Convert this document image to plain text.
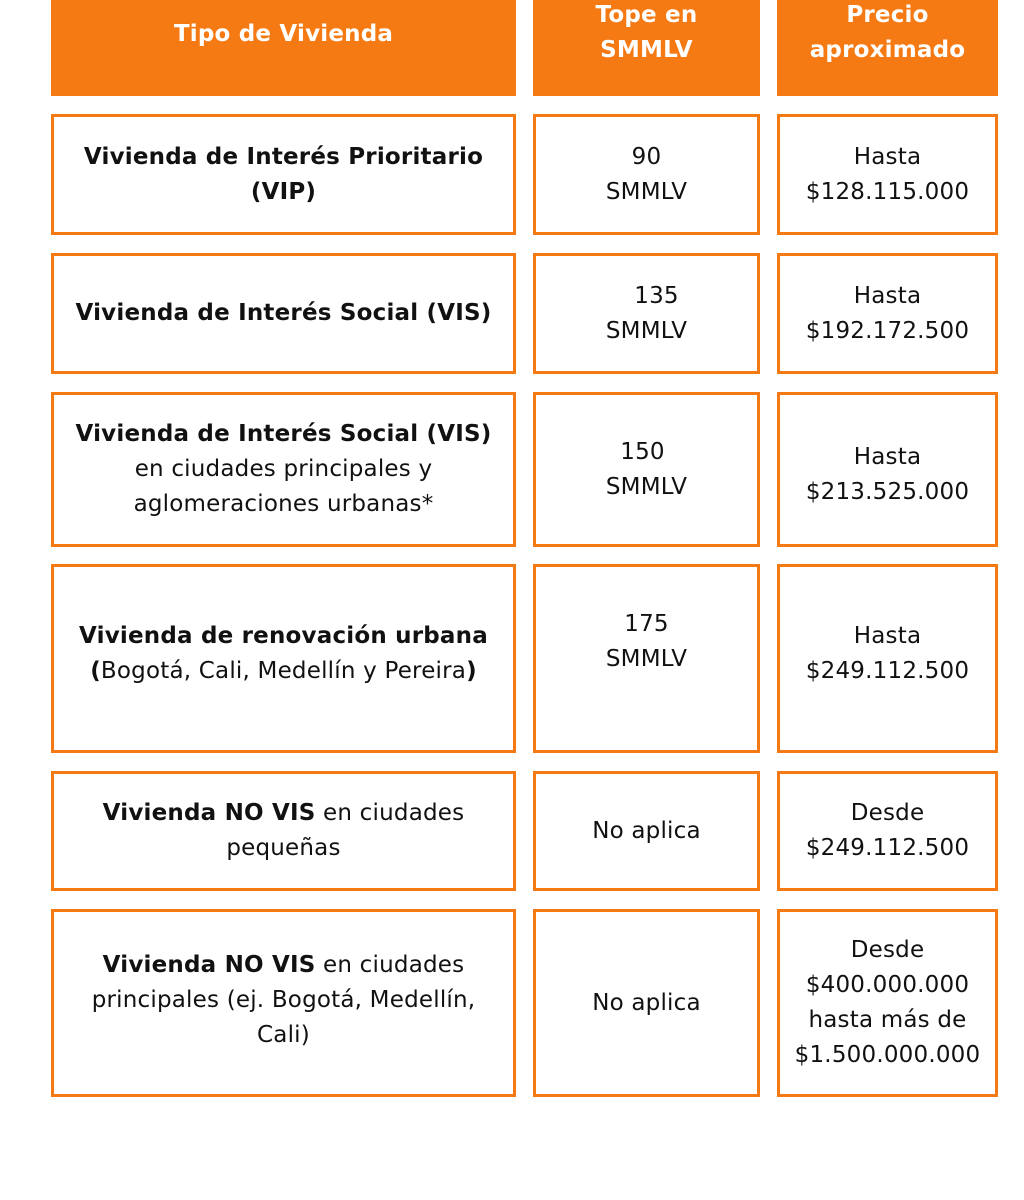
Tipo de Vivienda
Tope en
SMMLV
Precio
aproximado
Vivienda de Interés Prioritario
(VIP)
90
SMMLV
Hasta
$128.115.000
Vivienda de Interés Social (VIS)
135
SMMLV
Hasta
$192.172.500
Vivienda de Interés Social (VIS)
en ciudades principales y
aglomeraciones urbanas*
150
SMMLV
Hasta
$213.525.000
Vivienda de renovación urbana
(Bogotá, Cali, Medellín y Pereira)
175
SMMLV
Hasta
$249.112.500
Vivienda NO VIS en ciudades
pequeñas
No aplica
Desde
$249.112.500
Vivienda NO VIS en ciudades
principales (ej. Bogotá, Medellín,
Cali)
No aplica
Desde
$400.000.000
hasta más de
$1.500.000.000
